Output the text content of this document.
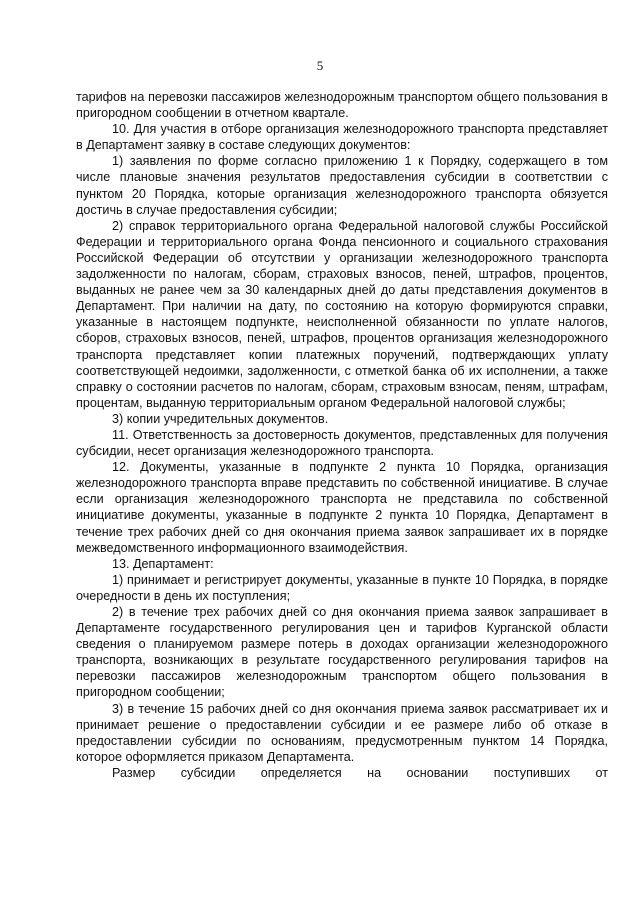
5

тарифов на перевозки пассажиров железнодорожным транспортом общего пользования в пригородном сообщении в отчетном квартале.

10. Для участия в отборе организация железнодорожного транспорта представляет в Департамент заявку в составе следующих документов:

1) заявления по форме согласно приложению 1 к Порядку, содержащего в том числе плановые значения результатов предоставления субсидии в соответствии с пунктом 20 Порядка, которые организация железнодорожного транспорта обязуется достичь в случае предоставления субсидии;

2) справок территориального органа Федеральной налоговой службы Российской Федерации и территориального органа Фонда пенсионного и социального страхования Российской Федерации об отсутствии у организации железнодорожного транспорта задолженности по налогам, сборам, страховых взносов, пеней, штрафов, процентов, выданных не ранее чем за 30 календарных дней до даты представления документов в Департамент. При наличии на дату, по состоянию на которую формируются справки, указанные в настоящем подпункте, неисполненной обязанности по уплате налогов, сборов, страховых взносов, пеней, штрафов, процентов организация железнодорожного транспорта представляет копии платежных поручений, подтверждающих уплату соответствующей недоимки, задолженности, с отметкой банка об их исполнении, а также справку о состоянии расчетов по налогам, сборам, страховым взносам, пеням, штрафам, процентам, выданную территориальным органом Федеральной налоговой службы;

3) копии учредительных документов.

11. Ответственность за достоверность документов, представленных для получения субсидии, несет организация железнодорожного транспорта.

12. Документы, указанные в подпункте 2 пункта 10 Порядка, организация железнодорожного транспорта вправе представить по собственной инициативе. В случае если организация железнодорожного транспорта не представила по собственной инициативе документы, указанные в подпункте 2 пункта 10 Порядка, Департамент в течение трех рабочих дней со дня окончания приема заявок запрашивает их в порядке межведомственного информационного взаимодействия.

13. Департамент:

1) принимает и регистрирует документы, указанные в пункте 10 Порядка, в порядке очередности в день их поступления;

2) в течение трех рабочих дней со дня окончания приема заявок запрашивает в Департаменте государственного регулирования цен и тарифов Курганской области сведения о планируемом размере потерь в доходах организации железнодорожного транспорта, возникающих в результате государственного регулирования тарифов на перевозки пассажиров железнодорожным транспортом общего пользования в пригородном сообщении;

3) в течение 15 рабочих дней со дня окончания приема заявок рассматривает их и принимает решение о предоставлении субсидии и ее размере либо об отказе в предоставлении субсидии по основаниям, предусмотренным пунктом 14 Порядка, которое оформляется приказом Департамента.

Размер субсидии определяется на основании поступивших от
